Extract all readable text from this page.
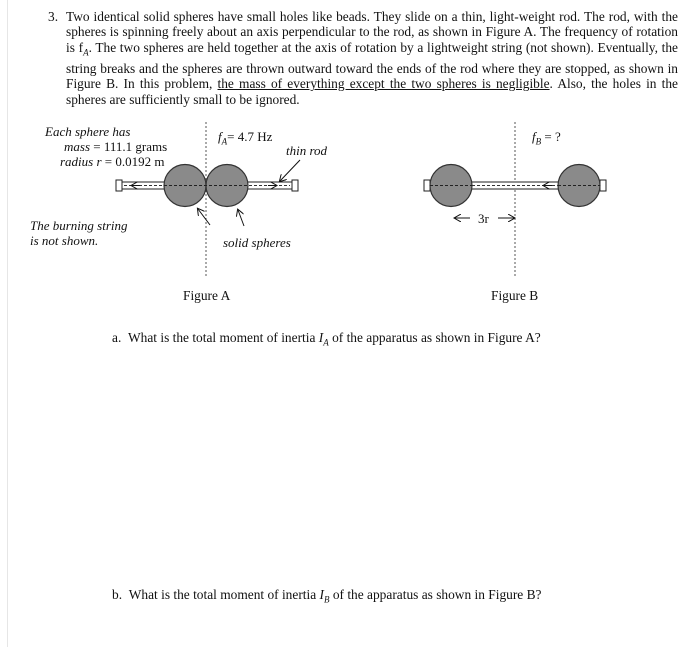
3. Two identical solid spheres have small holes like beads. They slide on a thin, light-weight rod. The rod, with the spheres is spinning freely about an axis perpendicular to the rod, as shown in Figure A. The frequency of rotation is $f_A$. The two spheres are held together at the axis of rotation by a lightweight string (not shown). Eventually, the string breaks and the spheres are thrown outward toward the ends of the rod where they are stopped, as shown in Figure B. In this problem, the mass of everything except the two spheres is negligible. Also, the holes in the spheres are sufficiently small to be ignored.

Each sphere has
mass = 111.1 grams
radius r = 0.0192 m
$f_A= 4.7$ Hz
thin rod
The burning string
is not shown.	solid spheres
Figure A
$f_B$ = ?
3r
Figure B
a. What is the total moment of inertia $I_A$ of the apparatus as shown in Figure A?
b. What is the total moment of inertia $I_B$ of the apparatus as shown in Figure B?
